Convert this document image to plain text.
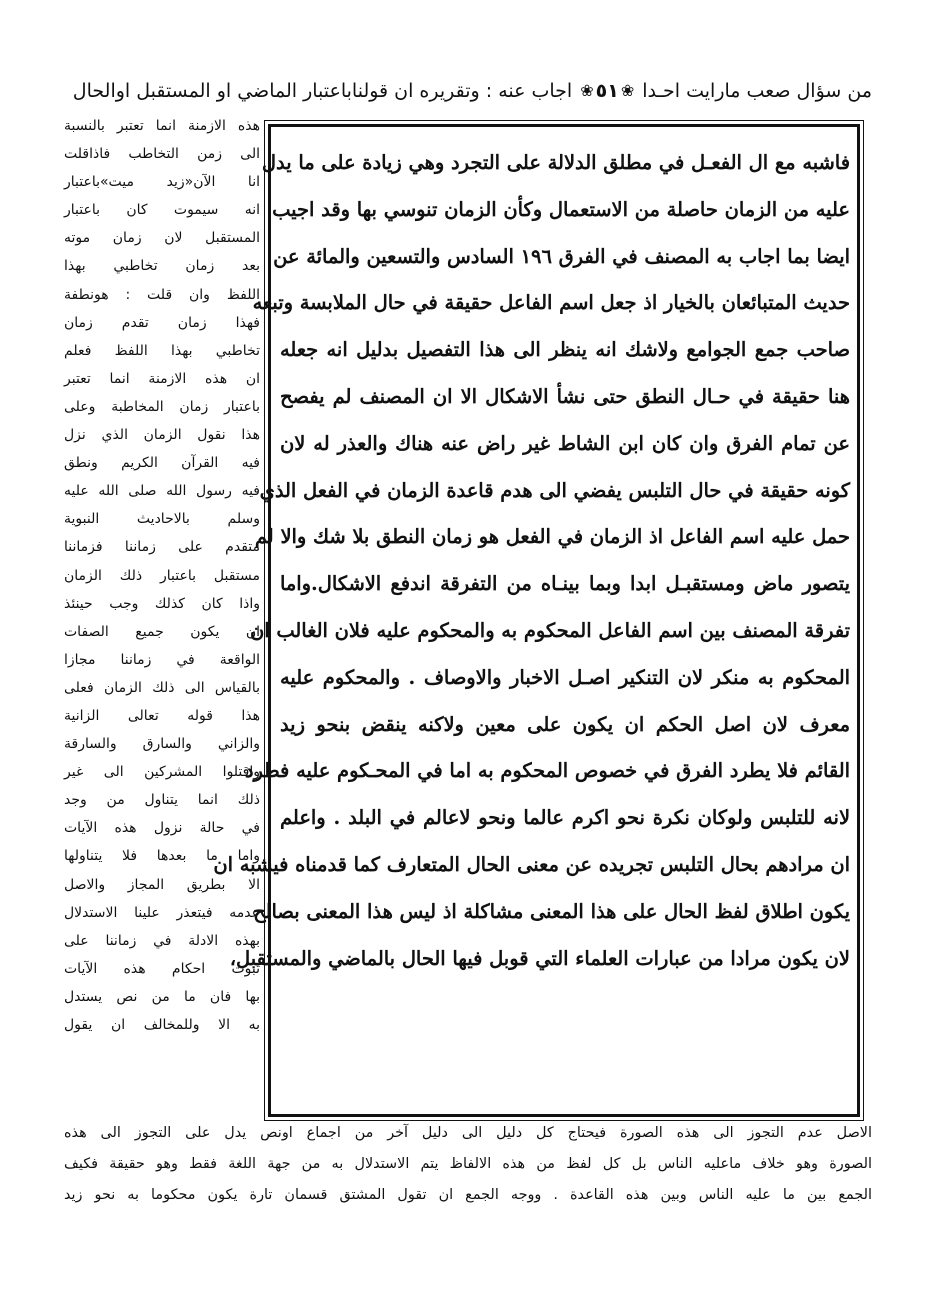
من سؤال صعب مارايت احـدا
❀
٥١
❀
اجاب عنه : وتقريره ان قولناباعتبار الماضي او المستقبل اوالحال
فاشبه مع ال الفعـل في مطلق الدلالة على التجرد وهي زيادة على ما يدل
عليه من الزمان حاصلة من الاستعمال وكأن الزمان تنوسي بها وقد اجيب
ايضا بما اجاب به المصنف في الفرق ١٩٦ السادس والتسعين والمائة عن
حديث المتبائعان بالخيار اذ جعل اسم الفاعل حقيقة في حال الملابسة وتبعه
صاحب جمع الجوامع ولاشك انه ينظر الى هذا التفصيل بدليل انه جعله
هنا حقيقة في حـال النطق حتى نشأ الاشكال الا ان المصنف لم يفصح
عن تمام الفرق وان كان ابن الشاط غير راض عنه هناك والعذر له لان
كونه حقيقة في حال التلبس يفضي الى هدم قاعدة الزمان في الفعل الذي
حمل عليه اسم الفاعل اذ الزمان في الفعل هو زمان النطق بلا شك والا لم
يتصور ماض ومستقبـل ابدا وبما بينـاه من التفرقة اندفع الاشكال.واما
تفرقة المصنف بين اسم الفاعل المحكوم به والمحكوم عليه فلان الغالب ان
المحكوم به منكر لان التنكير اصـل الاخبار والاوصاف . والمحكوم عليه
معرف لان اصل الحكم ان يكون على معين ولاكنه ينقض بنحو زيد
القائم فلا يطرد الفرق في خصوص المحكوم به اما في المحـكوم عليه فطرد
لانه للتلبس ولوكان نكرة نحو اكرم عالما ونحو لاعالم في البلد . واعلم
ان مرادهم بحال التلبس تجريده عن معنى الحال المتعارف كما قدمناه فيشبه ان
يكون اطلاق لفظ الحال على هذا المعنى مشاكلة اذ ليس هذا المعنى بصالح
لان يكون مرادا من عبارات العلماء التي قوبل فيها الحال بالماضي والمستقبل،
هذه الازمنة انما تعتبر بالنسبة
الى زمن التخاطب فاذاقلت
انا الآن«زيد ميت»باعتبار
انه سيموت كان باعتبار
المستقبل لان زمان موته
بعد زمان تخاطبي بهذا
اللفظ وان قلت : هونطفة
فهذا زمان تقدم زمان
تخاطبي بهذا اللفظ فعلم
ان هذه الازمنة انما تعتبر
باعتبار زمان المخاطبة وعلى
هذا نقول الزمان الذي نزل
فيه القرآن الكريم ونطق
فيه رسول الله صلى الله عليه
وسلم بالاحاديث النبوية
متقدم على زماننا فزماننا
مستقبل باعتبار ذلك الزمان
واذا كان كذلك وجب حينئذ
ان يكون جميع الصفات
الواقعة في زماننا مجازا
بالقياس الى ذلك الزمان فعلى
هذا قوله تعالى الزانية
والزاني والسارق والسارقة
واقتلوا المشركين الى غير
ذلك انما يتناول من وجد
في حالة نزول هذه الآيات
واما ما بعدها فلا يتناولها
الا بطريق المجاز والاصل
عدمه فيتعذر علينا الاستدلال
بهذه الادلة في زماننا على
ثبوت احكام هذه الآيات
بها فان ما من نص يستدل
به الا وللمخالف ان يقول
الاصل عدم التجوز الى هذه الصورة فيحتاج كل دليل الى دليل آخر من اجماع اونص يدل على التجوز الى هذه
الصورة وهو خلاف ماعليه الناس بل كل لفظ من هذه الالفاظ يتم الاستدلال به من جهة اللغة فقط وهو حقيقة فكيف
الجمع بين ما عليه الناس وبين هذه القاعدة . ووجه الجمع ان تقول المشتق قسمان تارة يكون محكوما به نحو زيد
